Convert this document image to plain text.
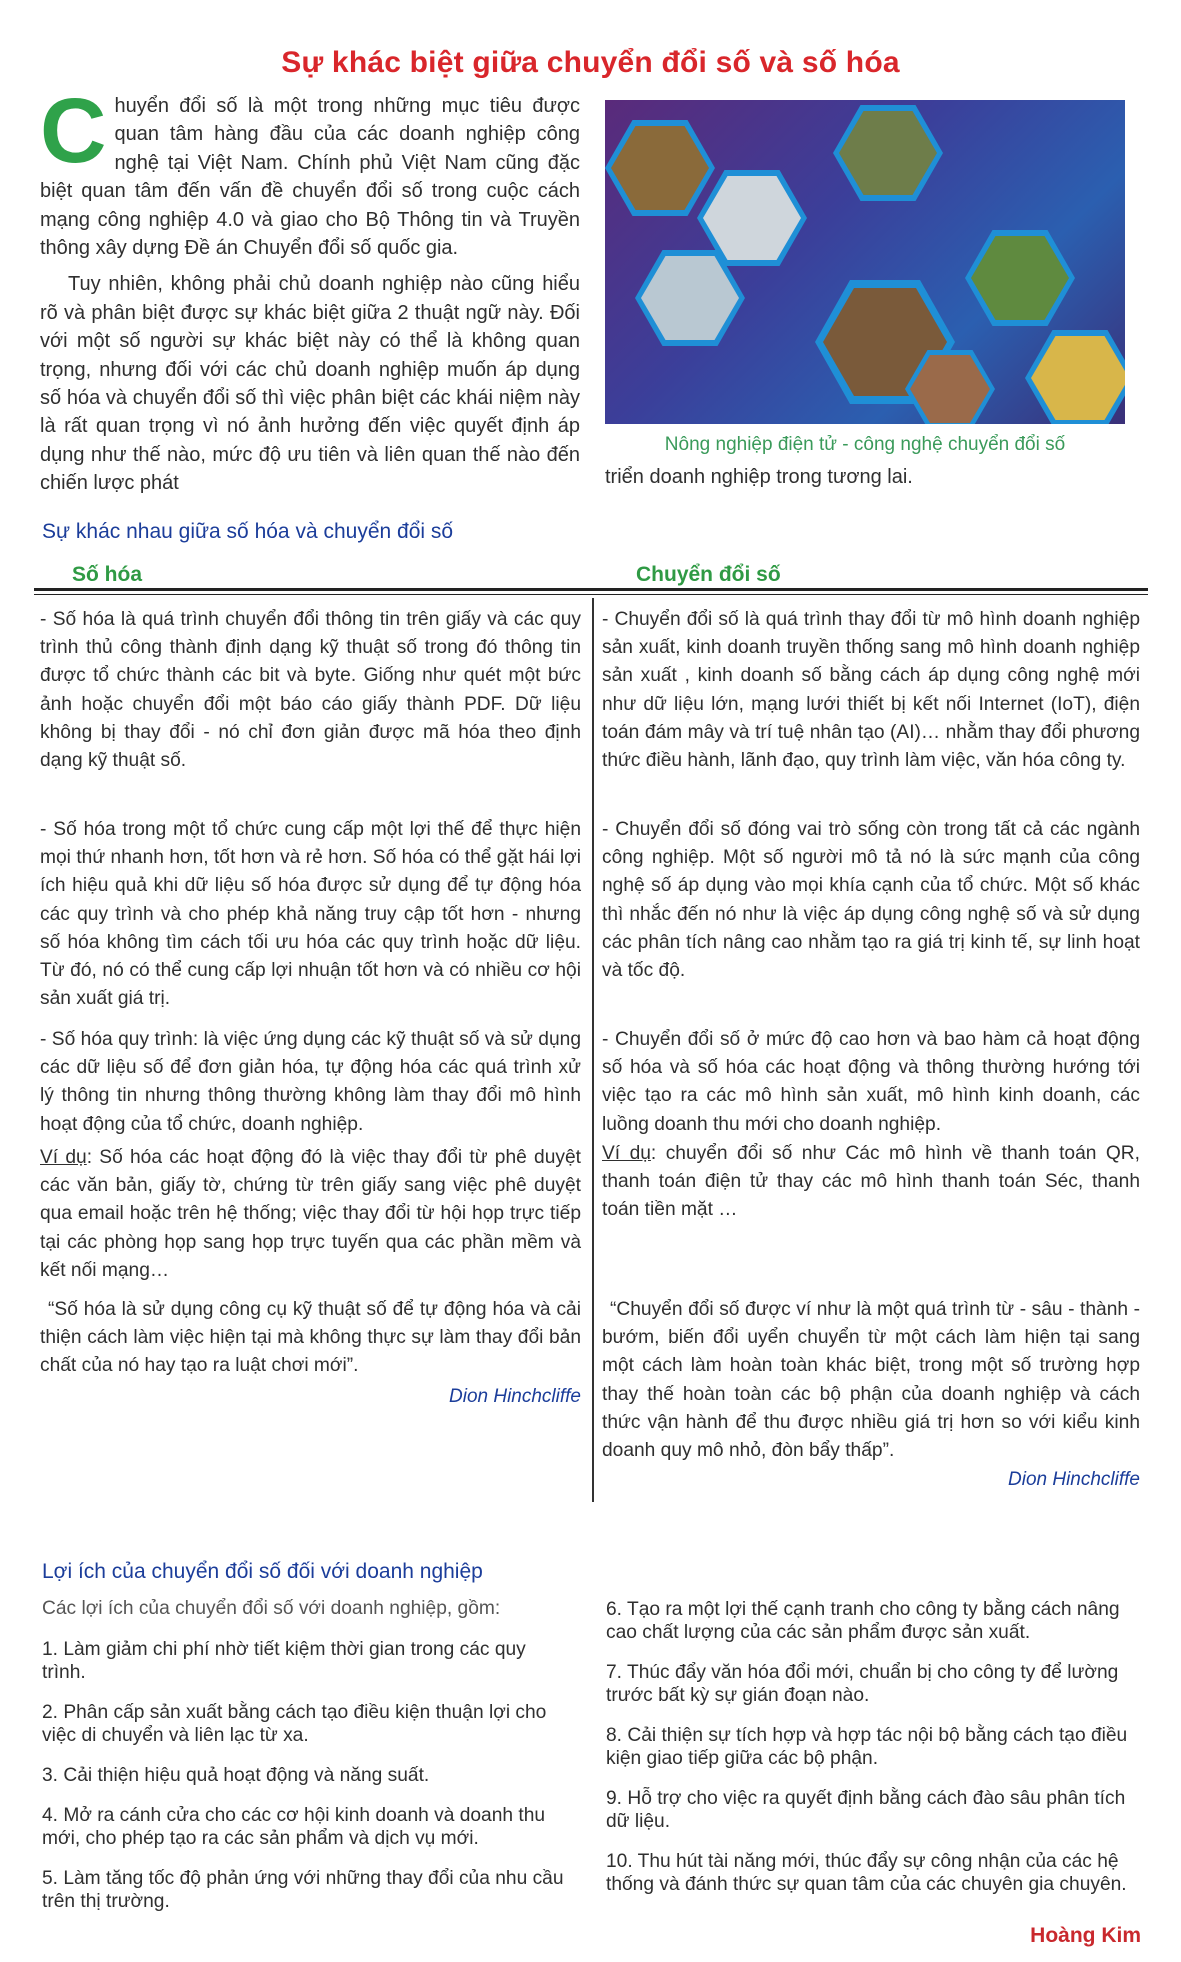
Sự khác biệt giữa chuyển đổi số và số hóa

Chuyển đổi số là một trong những mục tiêu được quan tâm hàng đầu của các doanh nghiệp công nghệ tại Việt Nam. Chính phủ Việt Nam cũng đặc biệt quan tâm đến vấn đề chuyển đổi số trong cuộc cách mạng công nghiệp 4.0 và giao cho Bộ Thông tin và Truyền thông xây dựng Đề án Chuyển đổi số quốc gia.

Tuy nhiên, không phải chủ doanh nghiệp nào cũng hiểu rõ và phân biệt được sự khác biệt giữa 2 thuật ngữ này. Đối với một số người sự khác biệt này có thể là không quan trọng, nhưng đối với các chủ doanh nghiệp muốn áp dụng số hóa và chuyển đổi số thì việc phân biệt các khái niệm này là rất quan trọng vì nó ảnh hưởng đến việc quyết định áp dụng như thế nào, mức độ ưu tiên và liên quan thế nào đến chiến lược phát

Nông nghiệp điện tử - công nghệ chuyển đổi số
triển doanh nghiệp trong tương lai.
Sự khác nhau giữa số hóa và chuyển đổi số
Số hóa	Chuyển đổi số
- Số hóa là quá trình chuyển đổi thông tin trên giấy và các quy trình thủ công thành định dạng kỹ thuật số trong đó thông tin được tổ chức thành các bit và byte. Giống như quét một bức ảnh hoặc chuyển đổi một báo cáo giấy thành PDF. Dữ liệu không bị thay đổi - nó chỉ đơn giản được mã hóa theo định dạng kỹ thuật số.
- Số hóa trong một tổ chức cung cấp một lợi thế để thực hiện mọi thứ nhanh hơn, tốt hơn và rẻ hơn. Số hóa có thể gặt hái lợi ích hiệu quả khi dữ liệu số hóa được sử dụng để tự động hóa các quy trình và cho phép khả năng truy cập tốt hơn - nhưng số hóa không tìm cách tối ưu hóa các quy trình hoặc dữ liệu. Từ đó, nó có thể cung cấp lợi nhuận tốt hơn và có nhiều cơ hội sản xuất giá trị.
- Số hóa quy trình: là việc ứng dụng các kỹ thuật số và sử dụng các dữ liệu số để đơn giản hóa, tự động hóa các quá trình xử lý thông tin nhưng thông thường không làm thay đổi mô hình hoạt động của tổ chức, doanh nghiệp.
Ví dụ: Số hóa các hoạt động đó là việc thay đổi từ phê duyệt các văn bản, giấy tờ, chứng từ trên giấy sang việc phê duyệt qua email hoặc trên hệ thống; việc thay đổi từ hội họp trực tiếp tại các phòng họp sang họp trực tuyến qua các phần mềm và kết nối mạng…
“Số hóa là sử dụng công cụ kỹ thuật số để tự động hóa và cải thiện cách làm việc hiện tại mà không thực sự làm thay đổi bản chất của nó hay tạo ra luật chơi mới”.
Dion Hinchcliffe
- Chuyển đổi số là quá trình thay đổi từ mô hình doanh nghiệp sản xuất, kinh doanh truyền thống sang mô hình doanh nghiệp sản xuất , kinh doanh số bằng cách áp dụng công nghệ mới như dữ liệu lớn, mạng lưới thiết bị kết nối Internet (IoT), điện toán đám mây và trí tuệ nhân tạo (AI)… nhằm thay đổi phương thức điều hành, lãnh đạo, quy trình làm việc, văn hóa công ty.
- Chuyển đổi số đóng vai trò sống còn trong tất cả các ngành công nghiệp. Một số người mô tả nó là sức mạnh của công nghệ số áp dụng vào mọi khía cạnh của tổ chức. Một số khác thì nhắc đến nó như là việc áp dụng công nghệ số và sử dụng các phân tích nâng cao nhằm tạo ra giá trị kinh tế, sự linh hoạt và tốc độ.
- Chuyển đổi số ở mức độ cao hơn và bao hàm cả hoạt động số hóa và số hóa các hoạt động và thông thường hướng tới việc tạo ra các mô hình sản xuất, mô hình kinh doanh, các luồng doanh thu mới cho doanh nghiệp.
Ví dụ: chuyển đổi số như Các mô hình về thanh toán QR, thanh toán điện tử thay các mô hình thanh toán Séc, thanh toán tiền mặt …
“Chuyển đổi số được ví như là một quá trình từ - sâu - thành - bướm, biến đổi uyển chuyển từ một cách làm hiện tại sang một cách làm hoàn toàn khác biệt, trong một số trường hợp thay thế hoàn toàn các bộ phận của doanh nghiệp và cách thức vận hành để thu được nhiều giá trị hơn so với kiểu kinh doanh quy mô nhỏ, đòn bẩy thấp”.
Dion Hinchcliffe
Lợi ích của chuyển đổi số đối với doanh nghiệp
Các lợi ích của chuyển đổi số với doanh nghiệp, gồm:
1. Làm giảm chi phí nhờ tiết kiệm thời gian trong các quy trình.
2. Phân cấp sản xuất bằng cách tạo điều kiện thuận lợi cho việc di chuyển và liên lạc từ xa.
3. Cải thiện hiệu quả hoạt động và năng suất.
4. Mở ra cánh cửa cho các cơ hội kinh doanh và doanh thu mới, cho phép tạo ra các sản phẩm và dịch vụ mới.
5. Làm tăng tốc độ phản ứng với những thay đổi của nhu cầu trên thị trường.
6. Tạo ra một lợi thế cạnh tranh cho công ty bằng cách nâng cao chất lượng của các sản phẩm được sản xuất.
7. Thúc đẩy văn hóa đổi mới, chuẩn bị cho công ty để lường trước bất kỳ sự gián đoạn nào.
8. Cải thiện sự tích hợp và hợp tác nội bộ bằng cách tạo điều kiện giao tiếp giữa các bộ phận.
9. Hỗ trợ cho việc ra quyết định bằng cách đào sâu phân tích dữ liệu.
10. Thu hút tài năng mới, thúc đẩy sự công nhận của các hệ thống và đánh thức sự quan tâm của các chuyên gia chuyên.
Hoàng Kim
